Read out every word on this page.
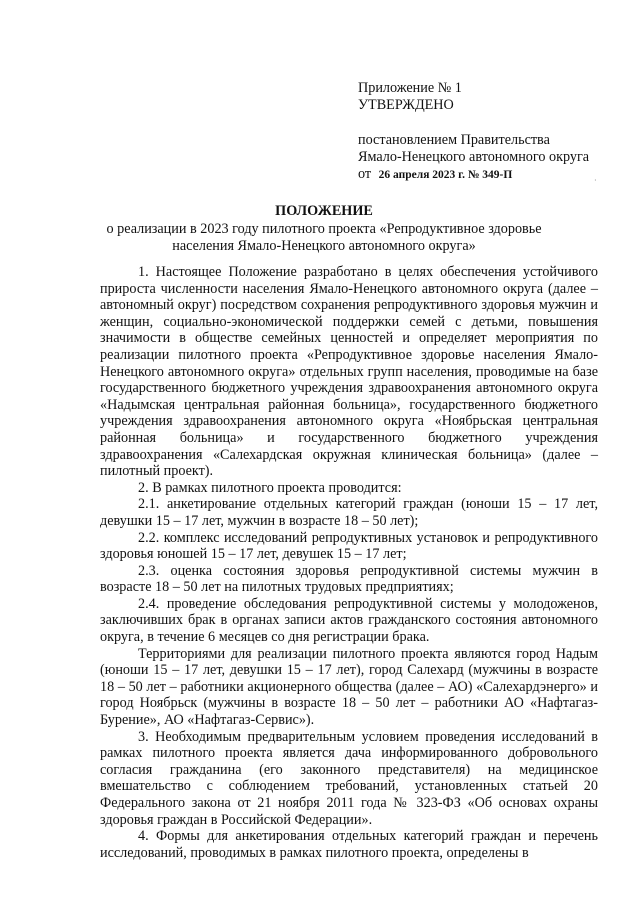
Приложение № 1
УТВЕРЖДЕНО
постановлением Правительства
Ямало-Ненецкого автономного округа
от 26 апреля 2023 г. № 349-П	·
ПОЛОЖЕНИЕ
о реализации в 2023 году пилотного проекта «Репродуктивное здоровье
населения Ямало-Ненецкого автономного округа»

1. Настоящее Положение разработано в целях обеспечения устойчивого прироста численности населения Ямало-Ненецкого автономного округа (далее – автономный округ) посредством сохранения репродуктивного здоровья мужчин и женщин, социально-экономической поддержки семей с детьми, повышения значимости в обществе семейных ценностей и определяет мероприятия по реализации пилотного проекта «Репродуктивное здоровье населения Ямало-Ненецкого автономного округа» отдельных групп населения, проводимые на базе государственного бюджетного учреждения здравоохранения автономного округа «Надымская центральная районная больница», государственного бюджетного учреждения здравоохранения автономного округа «Ноябрьская центральная районная больница» и государственного бюджетного учреждения здравоохранения «Салехардская окружная клиническая больница» (далее – пилотный проект).

2. В рамках пилотного проекта проводится:

2.1. анкетирование отдельных категорий граждан (юноши 15 – 17 лет, девушки 15 – 17 лет, мужчин в возрасте 18 – 50 лет);

2.2. комплекс исследований репродуктивных установок и репродуктивного здоровья юношей 15 – 17 лет, девушек 15 – 17 лет;

2.3. оценка состояния здоровья репродуктивной системы мужчин в возрасте 18 – 50 лет на пилотных трудовых предприятиях;

2.4. проведение обследования репродуктивной системы у молодоженов, заключивших брак в органах записи актов гражданского состояния автономного округа, в течение 6 месяцев со дня регистрации брака.

Территориями для реализации пилотного проекта являются город Надым (юноши 15 – 17 лет, девушки 15 – 17 лет), город Салехард (мужчины в возрасте 18 – 50 лет – работники акционерного общества (далее – АО) «Салехардэнерго» и город Ноябрьск (мужчины в возрасте 18 – 50 лет – работники АО «Нафтагаз-Бурение», АО «Нафтагаз-Сервис»).

3. Необходимым предварительным условием проведения исследований в рамках пилотного проекта является дача информированного добровольного согласия гражданина (его законного представителя) на медицинское вмешательство с соблюдением требований, установленных статьей 20 Федерального закона от 21 ноября 2011 года № 323-ФЗ «Об основах охраны здоровья граждан в Российской Федерации».

4. Формы для анкетирования отдельных категорий граждан и перечень исследований, проводимых в рамках пилотного проекта, определены в
